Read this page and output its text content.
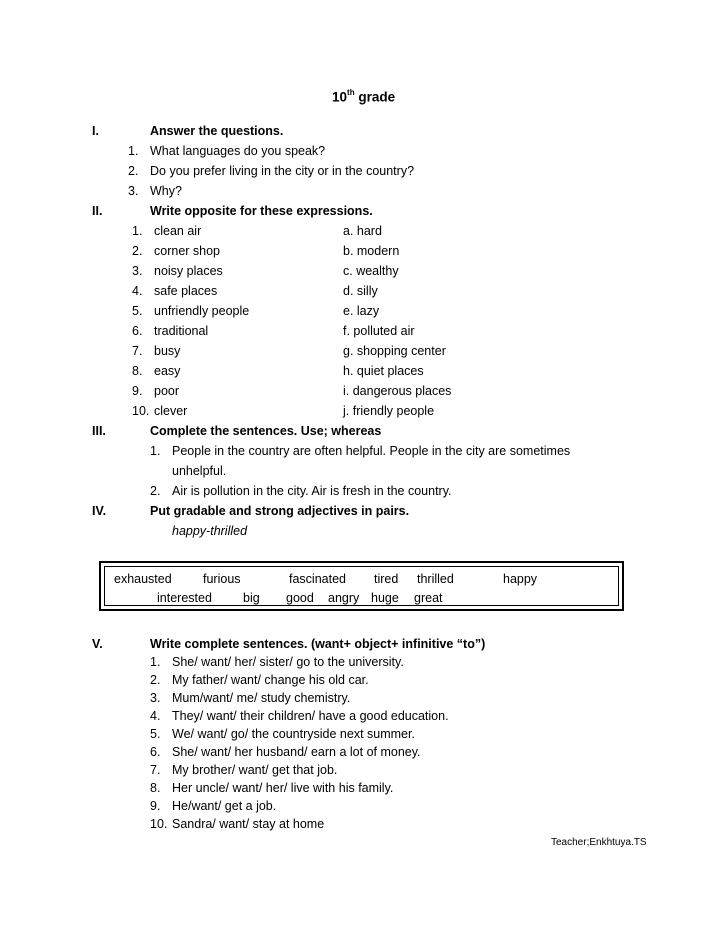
10th grade
I.	Answer the questions.
1. What languages do you speak?
2. Do you prefer living in the city or in the country?
3. Why?
II.	Write opposite for these expressions.
1. clean air	a. hard
2. corner shop	b. modern
3. noisy places	c. wealthy
4. safe places	d. silly
5. unfriendly people	e. lazy
6. traditional	f. polluted air
7. busy	g. shopping center
8. easy	h. quiet places
9. poor	i. dangerous places
10. clever	j. friendly people
III.	Complete the sentences. Use; whereas
1. People in the country are often helpful. People in the city are sometimes
unhelpful.
2. Air is pollution in the city. Air is fresh in the country.
IV.	Put gradable and strong adjectives in pairs.
happy-thrilled
exhausted	furious	fascinated tired thrilled	happy
interested big good angry huge great
V.	Write complete sentences. (want+ object+ infinitive “to”)
1. She/ want/ her/ sister/ go to the university.
2. My father/ want/ change his old car.
3. Mum/want/ me/ study chemistry.
4. They/ want/ their children/ have a good education.
5. We/ want/ go/ the countryside next summer.
6. She/ want/ her husband/ earn a lot of money.
7. My brother/ want/ get that job.
8. Her uncle/ want/ her/ live with his family.
9. He/want/ get a job.
10. Sandra/ want/ stay at home
Teacher;Enkhtuya.TS
